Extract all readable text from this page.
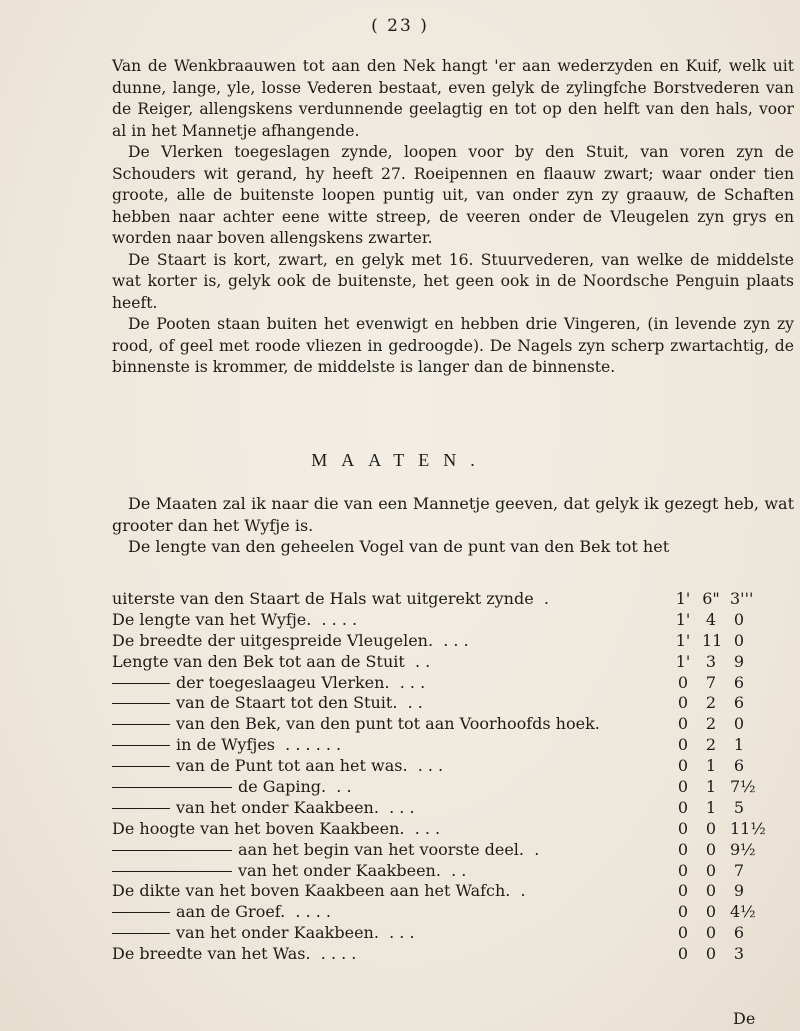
( 23 )

Van de Wenkbraauwen tot aan den Nek hangt 'er aan wederzyden en Kuif, welk uit dunne, lange, yle, losse Vederen bestaat, even gelyk de zylingfche Borstvederen van de Reiger, allengskens verdunnende geelagtig en tot op den helft van den hals, voor al in het Mannetje afhangende.

De Vlerken toegeslagen zynde, loopen voor by den Stuit, van voren zyn de Schouders wit gerand, hy heeft 27. Roeipennen en flaauw zwart; waar onder tien groote, alle de buitenste loopen puntig uit, van onder zyn zy graauw, de Schaften hebben naar achter eene witte streep, de veeren onder de Vleugelen zyn grys en worden naar boven allengskens zwarter.

De Staart is kort, zwart, en gelyk met 16. Stuurvederen, van welke de middelste wat korter is, gelyk ook de buitenste, het geen ook in de Noordsche Penguin plaats heeft.

De Pooten staan buiten het evenwigt en hebben drie Vingeren, (in levende zyn zy rood, of geel met roode vliezen in gedroogde). De Nagels zyn scherp zwartachtig, de binnenste is krommer, de middelste is langer dan de binnenste.

MAATEN.

De Maaten zal ik naar die van een Mannetje geeven, dat gelyk ik gezegt heb, wat grooter dan het Wyfje is.

De lengte van den geheelen Vogel van de punt van den Bek tot het

uiterste van den Staart de Hals wat uitgerekt zynde  .	1' 6" 3'''
De lengte van het Wyfje.  . . . .	1' 4 0
De breedte der uitgespreide Vleugelen.  . . .	1' 11 0
Lengte van den Bek tot aan de Stuit  . .	1' 3 9
der toegeslaageu Vlerken.  . . .	0 7 6
van de Staart tot den Stuit.  . .	0 2 6
van den Bek, van den punt tot aan Voorhoofds hoek.	0 2 0
in de Wyfjes  . . . . . .	0 2 1
van de Punt tot aan het was.  . . .	0 1 6
de Gaping.  . .	0 1 7½
van het onder Kaakbeen.  . . .	0 1 5
De hoogte van het boven Kaakbeen.  . . .	0 0 11½
aan het begin van het voorste deel.  .	0 0 9½
van het onder Kaakbeen.  . .	0 0 7
De dikte van het boven Kaakbeen aan het Wafch.  .	0 0 9
aan de Groef.  . . . .	0 0 4½
van het onder Kaakbeen.  . . .	0 0 6
De breedte van het Was.  . . . .	0 0 3
De
